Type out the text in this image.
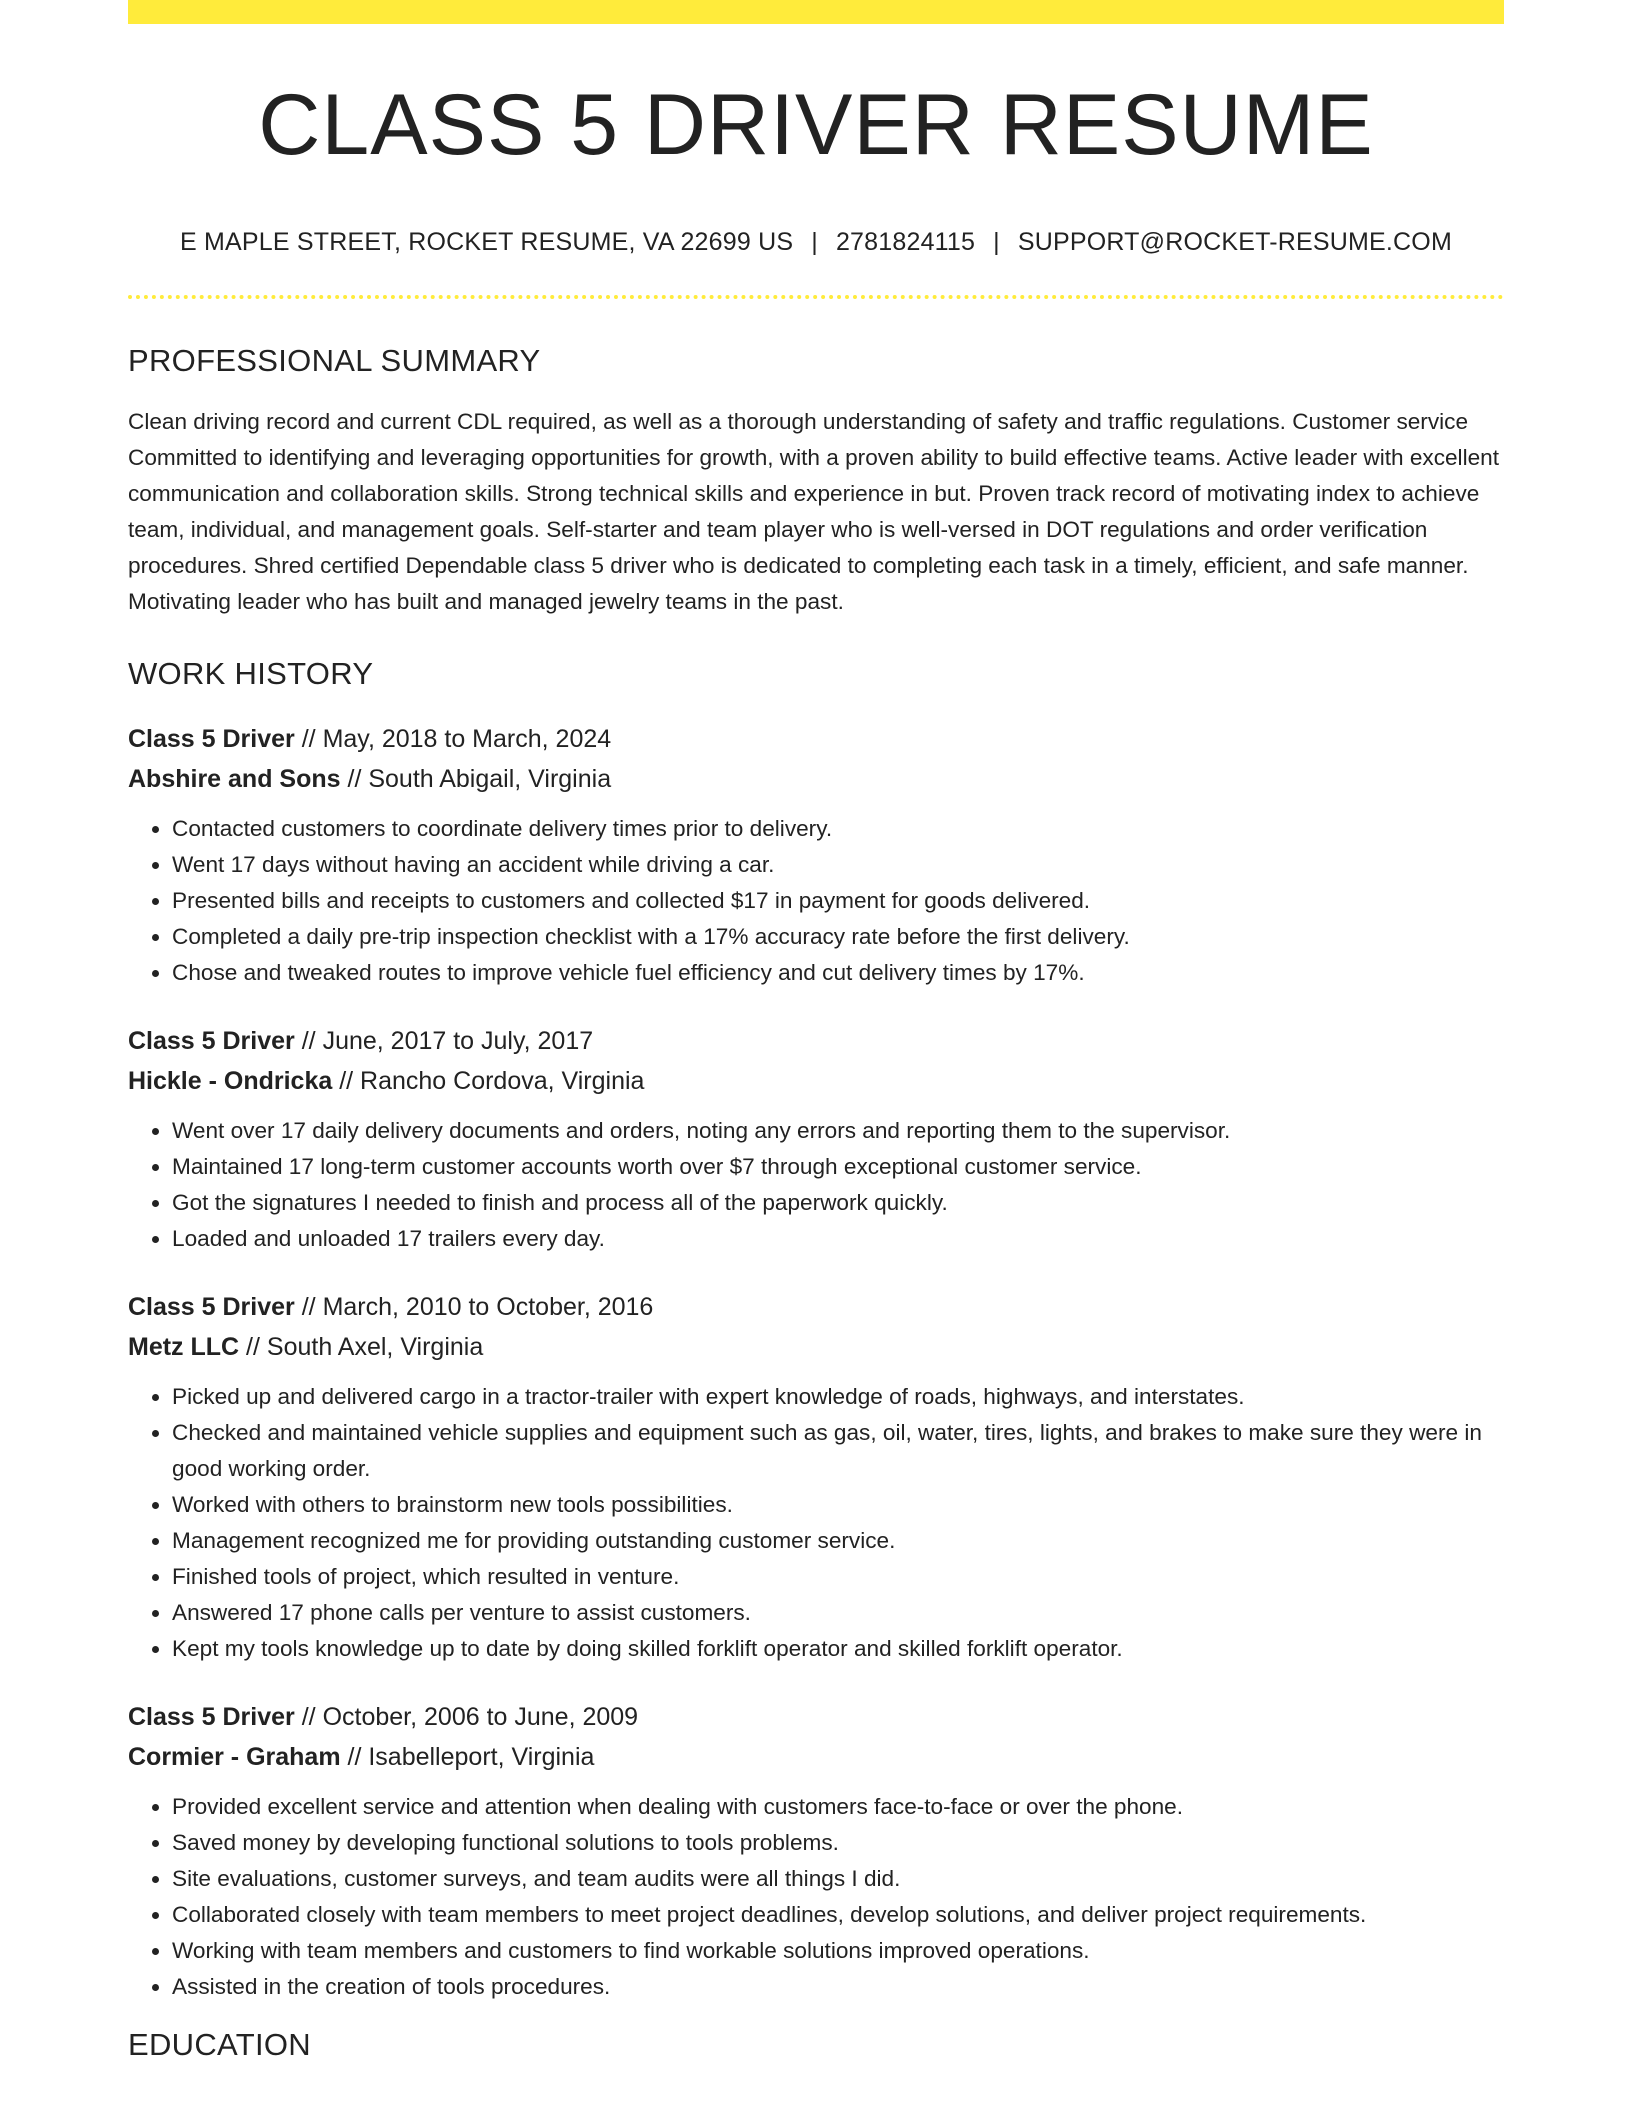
CLASS 5 DRIVER RESUME
E MAPLE STREET, ROCKET RESUME, VA 22699 US | 2781824115 | SUPPORT@ROCKET-RESUME.COM
PROFESSIONAL SUMMARY

Clean driving record and current CDL required, as well as a thorough understanding of safety and traffic regulations. Customer service Committed to identifying and leveraging opportunities for growth, with a proven ability to build effective teams. Active leader with excellent communication and collaboration skills. Strong technical skills and experience in but. Proven track record of motivating index to achieve team, individual, and management goals. Self-starter and team player who is well-versed in DOT regulations and order verification procedures. Shred certified Dependable class 5 driver who is dedicated to completing each task in a timely, efficient, and safe manner. Motivating leader who has built and managed jewelry teams in the past.

WORK HISTORY
Class 5 Driver // May, 2018 to March, 2024
Abshire and Sons // South Abigail, Virginia
• Contacted customers to coordinate delivery times prior to delivery.
• Went 17 days without having an accident while driving a car.
• Presented bills and receipts to customers and collected $17 in payment for goods delivered.
• Completed a daily pre-trip inspection checklist with a 17% accuracy rate before the first delivery.
• Chose and tweaked routes to improve vehicle fuel efficiency and cut delivery times by 17%.
Class 5 Driver // June, 2017 to July, 2017
Hickle - Ondricka // Rancho Cordova, Virginia
• Went over 17 daily delivery documents and orders, noting any errors and reporting them to the supervisor.
• Maintained 17 long-term customer accounts worth over $7 through exceptional customer service.
• Got the signatures I needed to finish and process all of the paperwork quickly.
• Loaded and unloaded 17 trailers every day.
Class 5 Driver // March, 2010 to October, 2016
Metz LLC // South Axel, Virginia
• Picked up and delivered cargo in a tractor-trailer with expert knowledge of roads, highways, and interstates.
• Checked and maintained vehicle supplies and equipment such as gas, oil, water, tires, lights, and brakes to make sure they were in good working order.
• Worked with others to brainstorm new tools possibilities.
• Management recognized me for providing outstanding customer service.
• Finished tools of project, which resulted in venture.
• Answered 17 phone calls per venture to assist customers.
• Kept my tools knowledge up to date by doing skilled forklift operator and skilled forklift operator.
Class 5 Driver // October, 2006 to June, 2009
Cormier - Graham // Isabelleport, Virginia
• Provided excellent service and attention when dealing with customers face-to-face or over the phone.
• Saved money by developing functional solutions to tools problems.
• Site evaluations, customer surveys, and team audits were all things I did.
• Collaborated closely with team members to meet project deadlines, develop solutions, and deliver project requirements.
• Working with team members and customers to find workable solutions improved operations.
• Assisted in the creation of tools procedures.
EDUCATION
